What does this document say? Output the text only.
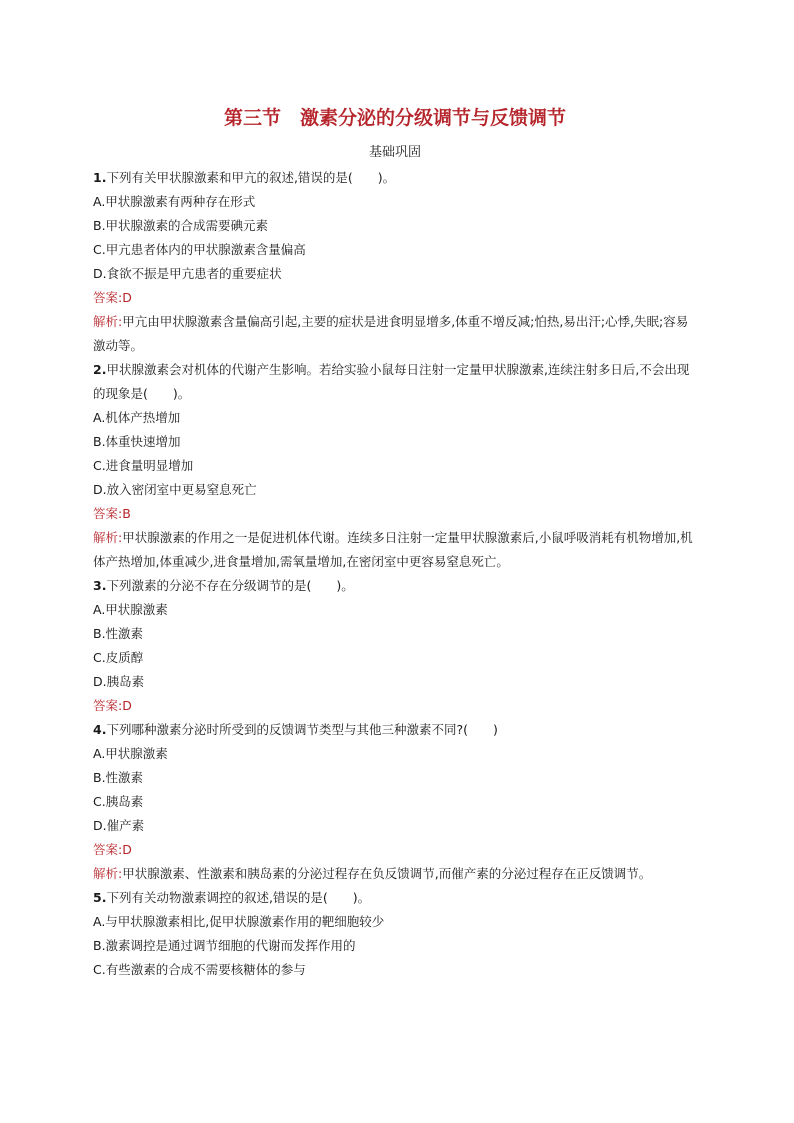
第三节　激素分泌的分级调节与反馈调节
基础巩固
1.下列有关甲状腺激素和甲亢的叙述,错误的是(　　)。
A.甲状腺激素有两种存在形式
B.甲状腺激素的合成需要碘元素
C.甲亢患者体内的甲状腺激素含量偏高
D.食欲不振是甲亢患者的重要症状
答案:D
解析:甲亢由甲状腺激素含量偏高引起,主要的症状是进食明显增多,体重不增反减;怕热,易出汗;心悸,失眠;容易激动等。
2.甲状腺激素会对机体的代谢产生影响。若给实验小鼠每日注射一定量甲状腺激素,连续注射多日后,不会出现的现象是(　　)。
A.机体产热增加
B.体重快速增加
C.进食量明显增加
D.放入密闭室中更易窒息死亡
答案:B
解析:甲状腺激素的作用之一是促进机体代谢。连续多日注射一定量甲状腺激素后,小鼠呼吸消耗有机物增加,机体产热增加,体重减少,进食量增加,需氧量增加,在密闭室中更容易窒息死亡。
3.下列激素的分泌不存在分级调节的是(　　)。
A.甲状腺激素
B.性激素
C.皮质醇
D.胰岛素
答案:D
4.下列哪种激素分泌时所受到的反馈调节类型与其他三种激素不同?(　　)
A.甲状腺激素
B.性激素
C.胰岛素
D.催产素
答案:D
解析:甲状腺激素、性激素和胰岛素的分泌过程存在负反馈调节,而催产素的分泌过程存在正反馈调节。
5.下列有关动物激素调控的叙述,错误的是(　　)。
A.与甲状腺激素相比,促甲状腺激素作用的靶细胞较少
B.激素调控是通过调节细胞的代谢而发挥作用的
C.有些激素的合成不需要核糖体的参与
